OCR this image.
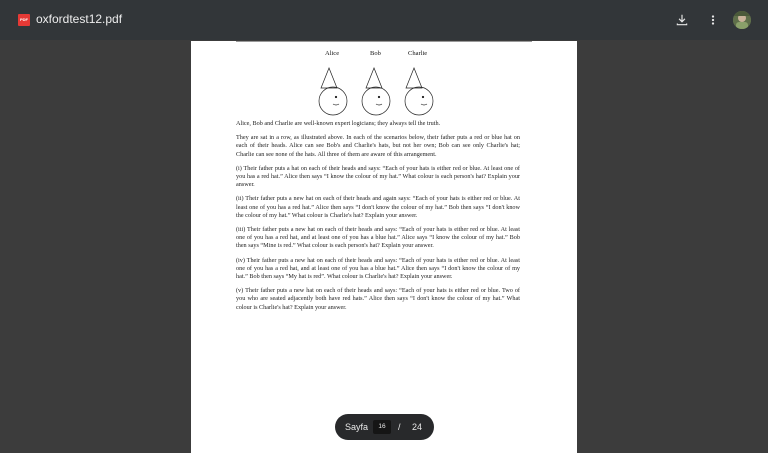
PDF oxfordtest12.pdf
Alice	Bob	Charlie

Alice, Bob and Charlie are well-known expert logicians; they always tell the truth.

They are sat in a row, as illustrated above. In each of the scenarios below, their father puts a red or blue hat on each of their heads. Alice can see Bob's and Charlie's hats, but not her own; Bob can see only Charlie's hat; Charlie can see none of the hats. All three of them are aware of this arrangement.

(i) Their father puts a hat on each of their heads and says: “Each of your hats is either red or blue. At least one of you has a red hat.” Alice then says “I know the colour of my hat.” What colour is each person's hat? Explain your answer.

(ii) Their father puts a new hat on each of their heads and again says: “Each of your hats is either red or blue. At least one of you has a red hat.” Alice then says “I don't know the colour of my hat.” Bob then says “I don't know the colour of my hat.” What colour is Charlie's hat? Explain your answer.

(iii) Their father puts a new hat on each of their heads and says: “Each of your hats is either red or blue. At least one of you has a red hat, and at least one of you has a blue hat.” Alice says “I know the colour of my hat.” Bob then says “Mine is red.” What colour is each person's hat? Explain your answer.

(iv) Their father puts a new hat on each of their heads and says: “Each of your hats is either red or blue. At least one of you has a red hat, and at least one of you has a blue hat.” Alice then says “I don't know the colour of my hat.” Bob then says “My hat is red”. What colour is Charlie's hat? Explain your answer.

(v) Their father puts a new hat on each of their heads and says: “Each of your hats is either red or blue. Two of you who are seated adjacently both have red hats.” Alice then says “I don't know the colour of my hat.” What colour is Charlie's hat? Explain your answer.

Sayfa	16	/ 24
